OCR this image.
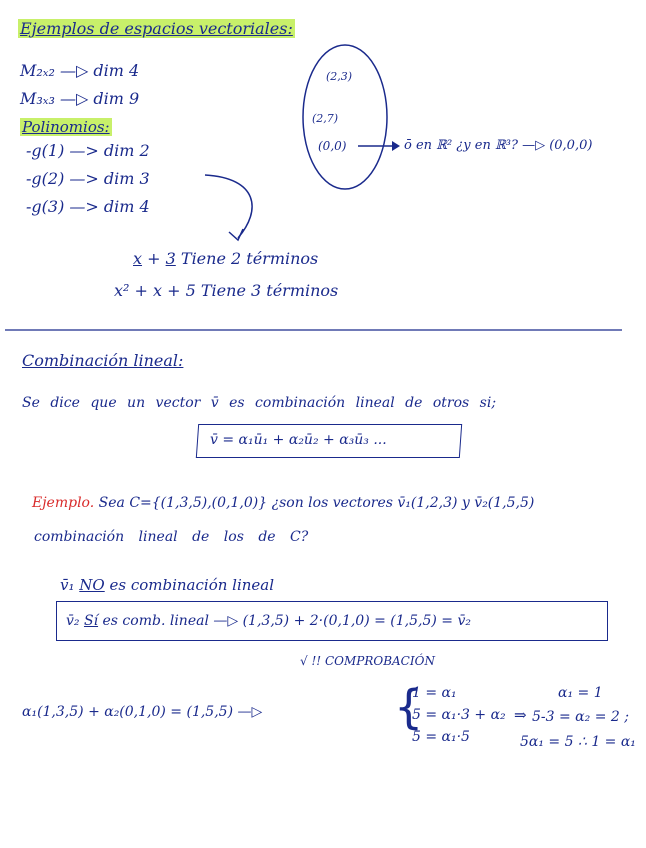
Ejemplos de espacios vectoriales:
M₂ₓ₂ —▷ dim 4
M₃ₓ₃ —▷ dim 9
Polinomios:
-g(1) —> dim 2
-g(2) —> dim 3
-g(3) —> dim 4
(2,3)
(2,7)
(0,0)	ō en ℝ² ¿y en ℝ³? —▷ (0,0,0)
x + 3 Tiene 2 términos
x² + x + 5 Tiene 3 términos
Combinación lineal:
Se dice que un vector v̄ es combinación lineal de otros si;
v̄ = α₁ū₁ + α₂ū₂ + α₃ū₃ ...
Ejemplo. Sea C={(1,3,5),(0,1,0)} ¿son los vectores v̄₁(1,2,3) y v̄₂(1,5,5)
combinación lineal de los de C?
v̄₁ NO es combinación lineal
v̄₂ Sí es comb. lineal —▷ (1,3,5) + 2·(0,1,0) = (1,5,5) = v̄₂
√ !! COMPROBACIÓN
α₁(1,3,5) + α₂(0,1,0) = (1,5,5) —▷	{
1 = α₁
5 = α₁·3 + α₂
5 = α₁·5
⇒
α₁ = 1
5-3 = α₂ = 2 ;
5α₁ = 5 ∴ 1 = α₁
